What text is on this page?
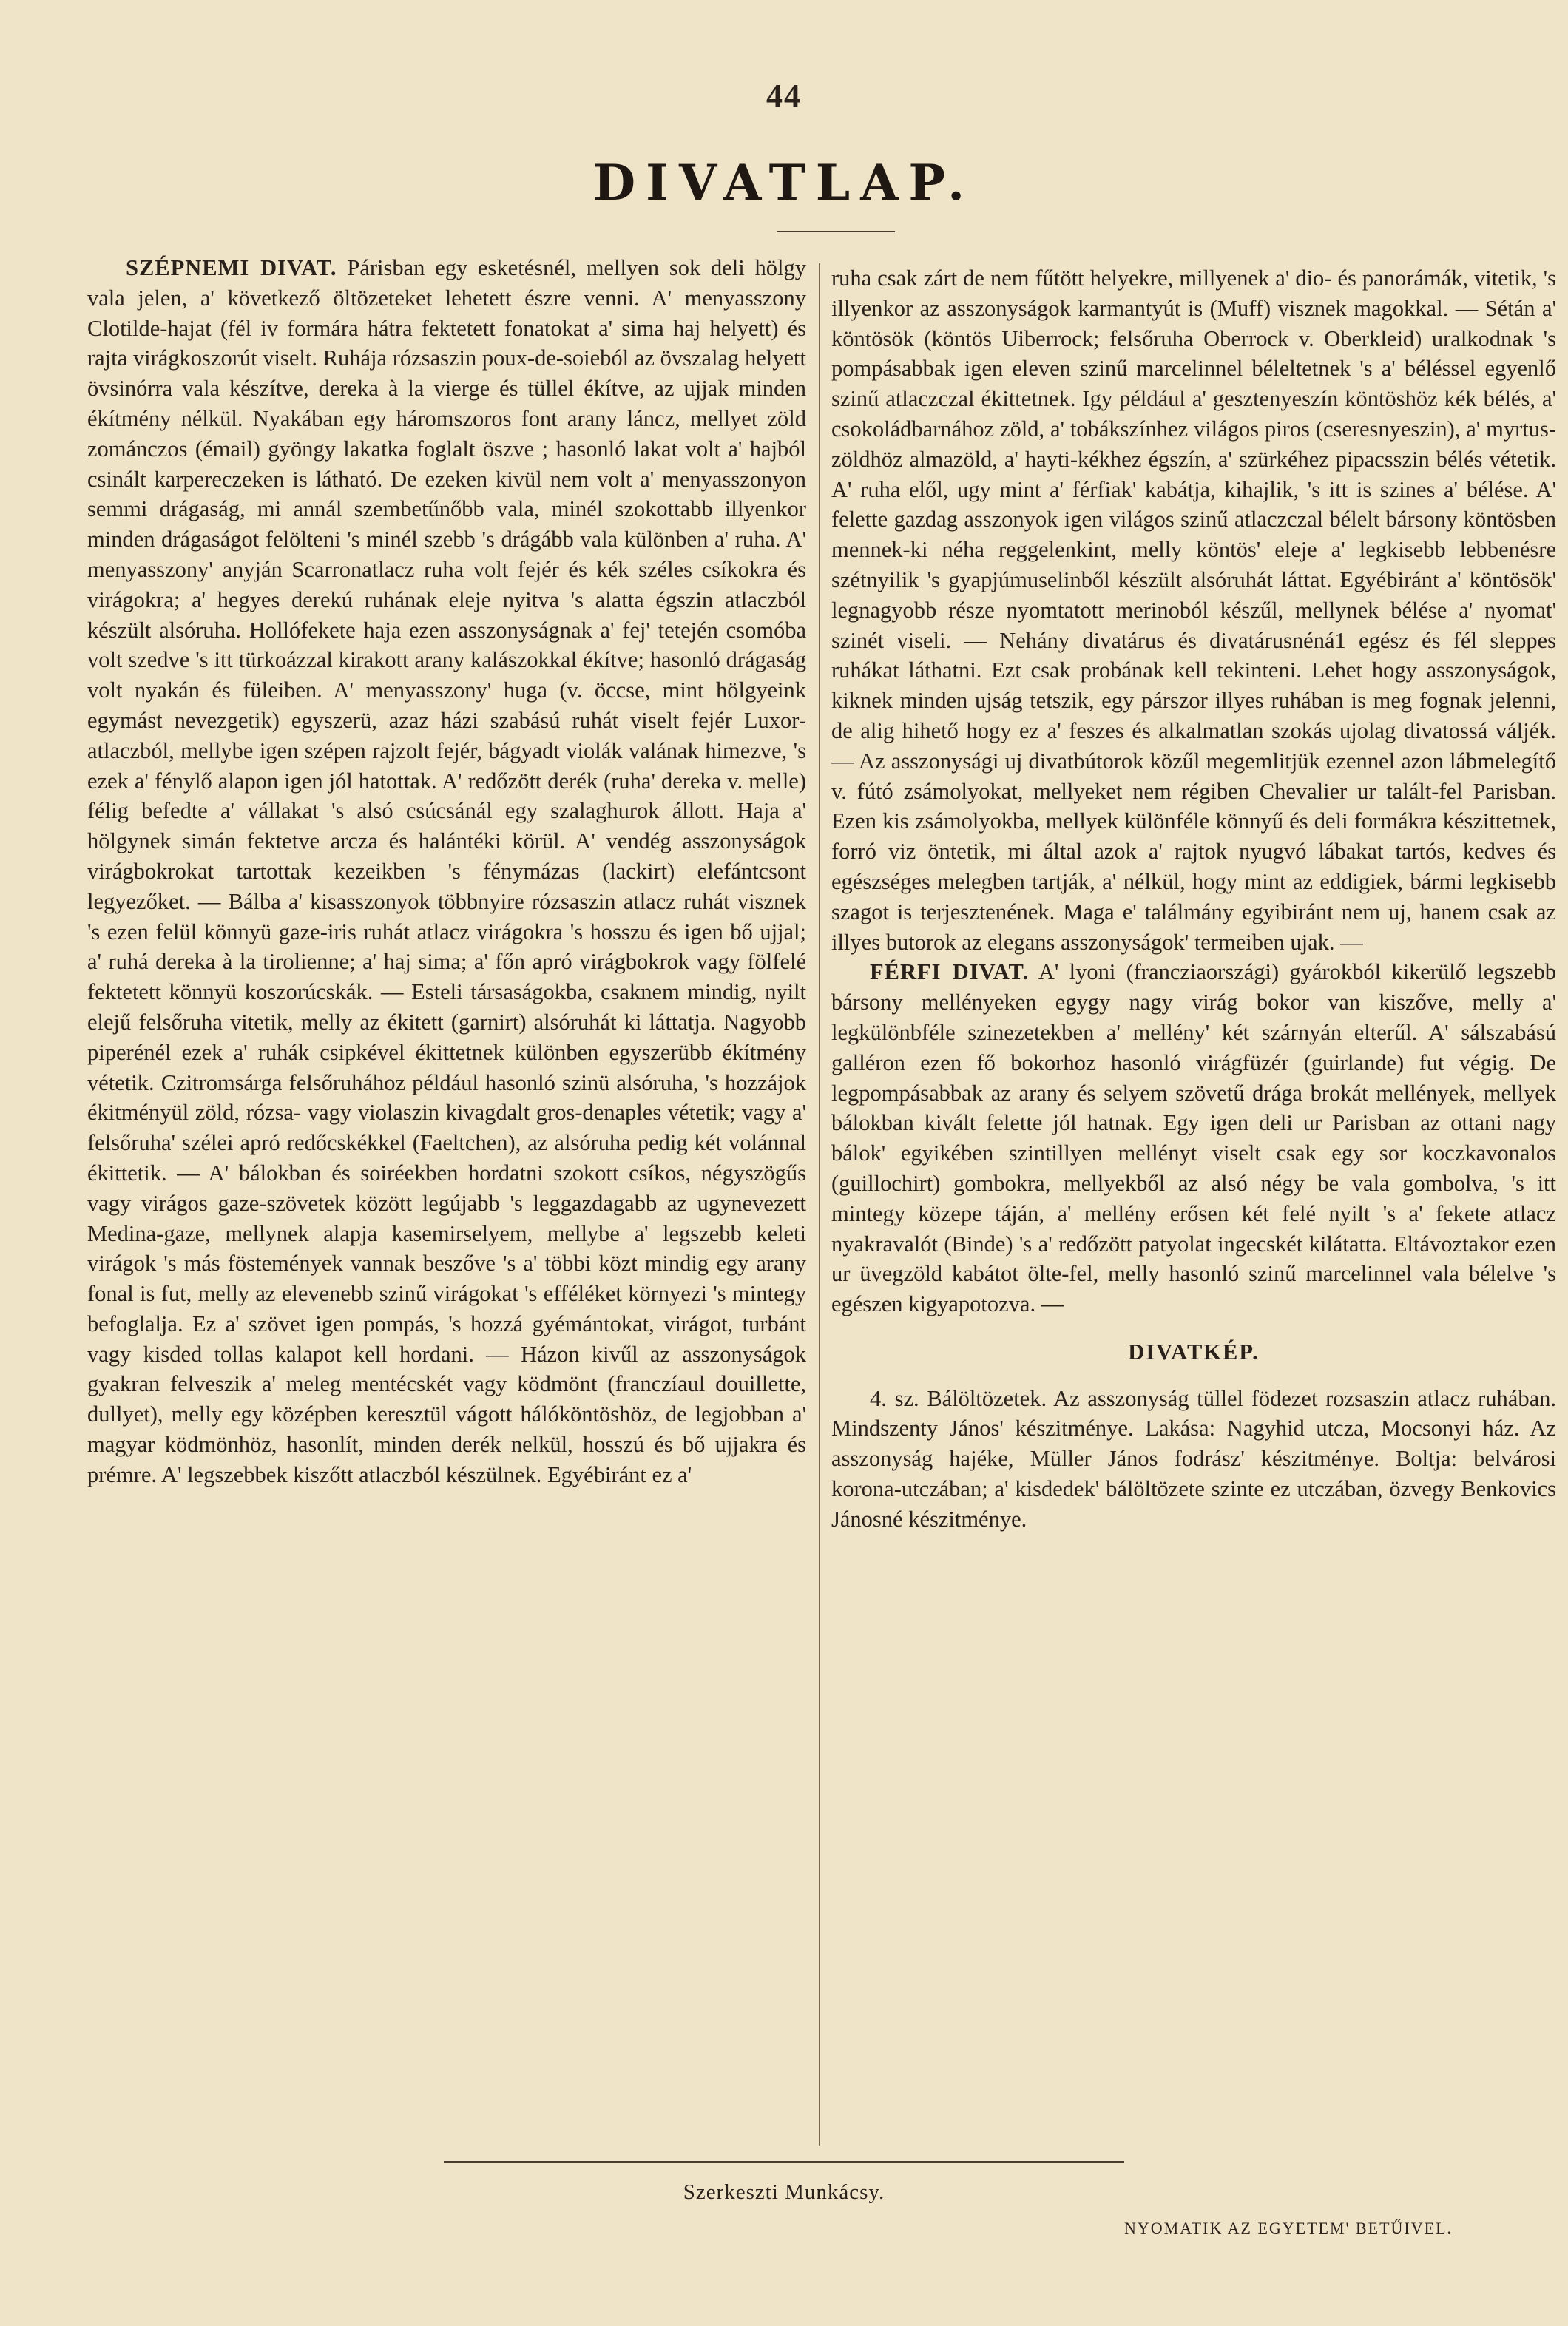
44
DIVATLAP.

SZÉPNEMI DIVAT. Párisban egy esketésnél, mellyen sok deli hölgy vala jelen, a' következő öltözeteket lehetett észre venni. A' menyasszony Clotilde-hajat (fél iv formára hátra fektetett fonatokat a' sima haj helyett) és rajta virágkoszorút viselt. Ruhája rózsaszin poux-de-soieból az övszalag helyett övsinórra vala készítve, dereka à la vierge és tüllel ékítve, az ujjak minden ékítmény nélkül. Nyakában egy háromszoros font arany láncz, mellyet zöld zománczos (émail) gyöngy lakatka foglalt öszve ; hasonló lakat volt a' hajból csinált karpereczeken is látható. De ezeken kivül nem volt a' menyasszonyon semmi drágaság, mi annál szembetűnőbb vala, minél szokottabb illyenkor minden drágaságot felölteni 's minél szebb 's drágább vala különben a' ruha. A' menyasszony' anyján Scarronatlacz ruha volt fejér és kék széles csíkokra és virágokra; a' hegyes derekú ruhának eleje nyitva 's alatta égszin atlaczból készült alsóruha. Hollófekete haja ezen asszonyságnak a' fej' tetején csomóba volt szedve 's itt türkoázzal kirakott arany kalászokkal ékítve; hasonló drágaság volt nyakán és füleiben. A' menyasszony' huga (v. öccse, mint hölgyeink egymást nevezgetik) egyszerü, azaz házi szabású ruhát viselt fejér Luxor-atlaczból, mellybe igen szépen rajzolt fejér, bágyadt violák valának himezve, 's ezek a' fénylő alapon igen jól hatottak. A' redőzött derék (ruha' dereka v. melle) félig befedte a' vállakat 's alsó csúcsánál egy szalaghurok állott. Haja a' hölgynek simán fektetve arcza és halántéki körül. A' vendég asszonyságok virágbokrokat tartottak kezeikben 's fénymázas (lackirt) elefántcsont legyezőket. — Bálba a' kisasszonyok többnyire rózsaszin atlacz ruhát visznek 's ezen felül könnyü gaze-iris ruhát atlacz virágokra 's hosszu és igen bő ujjal; a' ruhá dereka à la tirolienne; a' haj sima; a' főn apró virágbokrok vagy fölfelé fektetett könnyü koszorúcskák. — Esteli társaságokba, csaknem mindig, nyilt elejű felsőruha vitetik, melly az ékitett (garnirt) alsóruhát ki láttatja. Nagyobb piperénél ezek a' ruhák csipkével ékittetnek különben egyszerübb ékítmény vétetik. Czitromsárga felsőruhához például hasonló szinü alsóruha, 's hozzájok ékitményül zöld, rózsa- vagy violaszin kivagdalt gros-denaples vétetik; vagy a' felsőruha' szélei apró redőcskékkel (Faeltchen), az alsóruha pedig két volánnal ékittetik. — A' bálokban és soiréekben hordatni szokott csíkos, négyszögűs vagy virágos gaze-szövetek között legújabb 's leggazdagabb az ugynevezett Medina-gaze, mellynek alapja kasemirselyem, mellybe a' legszebb keleti virágok 's más föstemények vannak beszőve 's a' többi közt mindig egy arany fonal is fut, melly az elevenebb szinű virágokat 's efféléket környezi 's mintegy befoglalja. Ez a' szövet igen pompás, 's hozzá gyémántokat, virágot, turbánt vagy kisded tollas kalapot kell hordani. — Házon kivűl az asszonyságok gyakran felveszik a' meleg mentécskét vagy ködmönt (franczíaul douillette, dullyet), melly egy középben keresztül vágott hálóköntöshöz, de legjobban a' magyar ködmönhöz, hasonlít, minden derék nelkül, hosszú és bő ujjakra és prémre. A' legszebbek kiszőtt atlaczból készülnek. Egyébiránt ez a'

ruha csak zárt de nem fűtött helyekre, millyenek a' dio- és panorámák, vitetik, 's illyenkor az asszonyságok karmantyút is (Muff) visznek magokkal. — Sétán a' köntösök (köntös Uiberrock; felsőruha Oberrock v. Oberkleid) uralkodnak 's pompásabbak igen eleven szinű marcelinnel béleltetnek 's a' béléssel egyenlő szinű atlaczczal ékittetnek. Igy például a' gesztenyeszín köntöshöz kék bélés, a' csokoládbarnához zöld, a' tobákszínhez világos piros (cseresnyeszin), a' myrtus-zöldhöz almazöld, a' hayti-kékhez égszín, a' szürkéhez pipacsszin bélés vétetik. A' ruha elől, ugy mint a' férfiak' kabátja, kihajlik, 's itt is szines a' bélése. A' felette gazdag asszonyok igen világos szinű atlaczczal bélelt bársony köntösben mennek-ki néha reggelenkint, melly köntös' eleje a' legkisebb lebbenésre szétnyilik 's gyapjúmuselinből készült alsóruhát láttat. Egyébiránt a' köntösök' legnagyobb része nyomtatott merinoból készűl, mellynek bélése a' nyomat' szinét viseli. — Nehány divatárus és divatárusnéná1 egész és fél sleppes ruhákat láthatni. Ezt csak probának kell tekinteni. Lehet hogy asszonyságok, kiknek minden ujság tetszik, egy párszor illyes ruhában is meg fognak jelenni, de alig hihető hogy ez a' feszes és alkalmatlan szokás ujolag divatossá váljék. — Az asszonysági uj divatbútorok közűl megemlitjük ezennel azon lábmelegítő v. fútó zsámolyokat, mellyeket nem régiben Chevalier ur talált-fel Parisban. Ezen kis zsámolyokba, mellyek különféle könnyű és deli formákra készittetnek, forró viz öntetik, mi által azok a' rajtok nyugvó lábakat tartós, kedves és egészséges melegben tartják, a' nélkül, hogy mint az eddigiek, bármi legkisebb szagot is terjesztenének. Maga e' találmány egyibiránt nem uj, hanem csak az illyes butorok az elegans asszonyságok' termeiben ujak. —

FÉRFI DIVAT. A' lyoni (francziaországi) gyárokból kikerülő legszebb bársony mellényeken egygy nagy virág bokor van kiszőve, melly a' legkülönbféle szinezetekben a' mellény' két szárnyán elterűl. A' sálszabású galléron ezen fő bokorhoz hasonló virágfüzér (guirlande) fut végig. De legpompásabbak az arany és selyem szövetű drága brokát mellények, mellyek bálokban kivált felette jól hatnak. Egy igen deli ur Parisban az ottani nagy bálok' egyikében szintillyen mellényt viselt csak egy sor koczkavonalos (guillochirt) gombokra, mellyekből az alsó négy be vala gombolva, 's itt mintegy közepe táján, a' mellény erősen két felé nyilt 's a' fekete atlacz nyakravalót (Binde) 's a' redőzött patyolat ingecskét kilátatta. Eltávoztakor ezen ur üvegzöld kabátot ölte-fel, melly hasonló szinű marcelinnel vala bélelve 's egészen kigyapotozva. —

DIVATKÉP.

4. sz. Bálöltözetek. Az asszonyság tüllel födezet rozsaszin atlacz ruhában. Mindszenty János' készitménye. Lakása: Nagyhid utcza, Mocsonyi ház. Az asszonyság hajéke, Müller János fodrász' készitménye. Boltja: belvárosi korona-utczában; a' kisdedek' bálöltözete szinte ez utczában, özvegy Benkovics Jánosné készitménye.

Szerkeszti Munkácsy.
NYOMATIK AZ EGYETEM' BETŰIVEL.
